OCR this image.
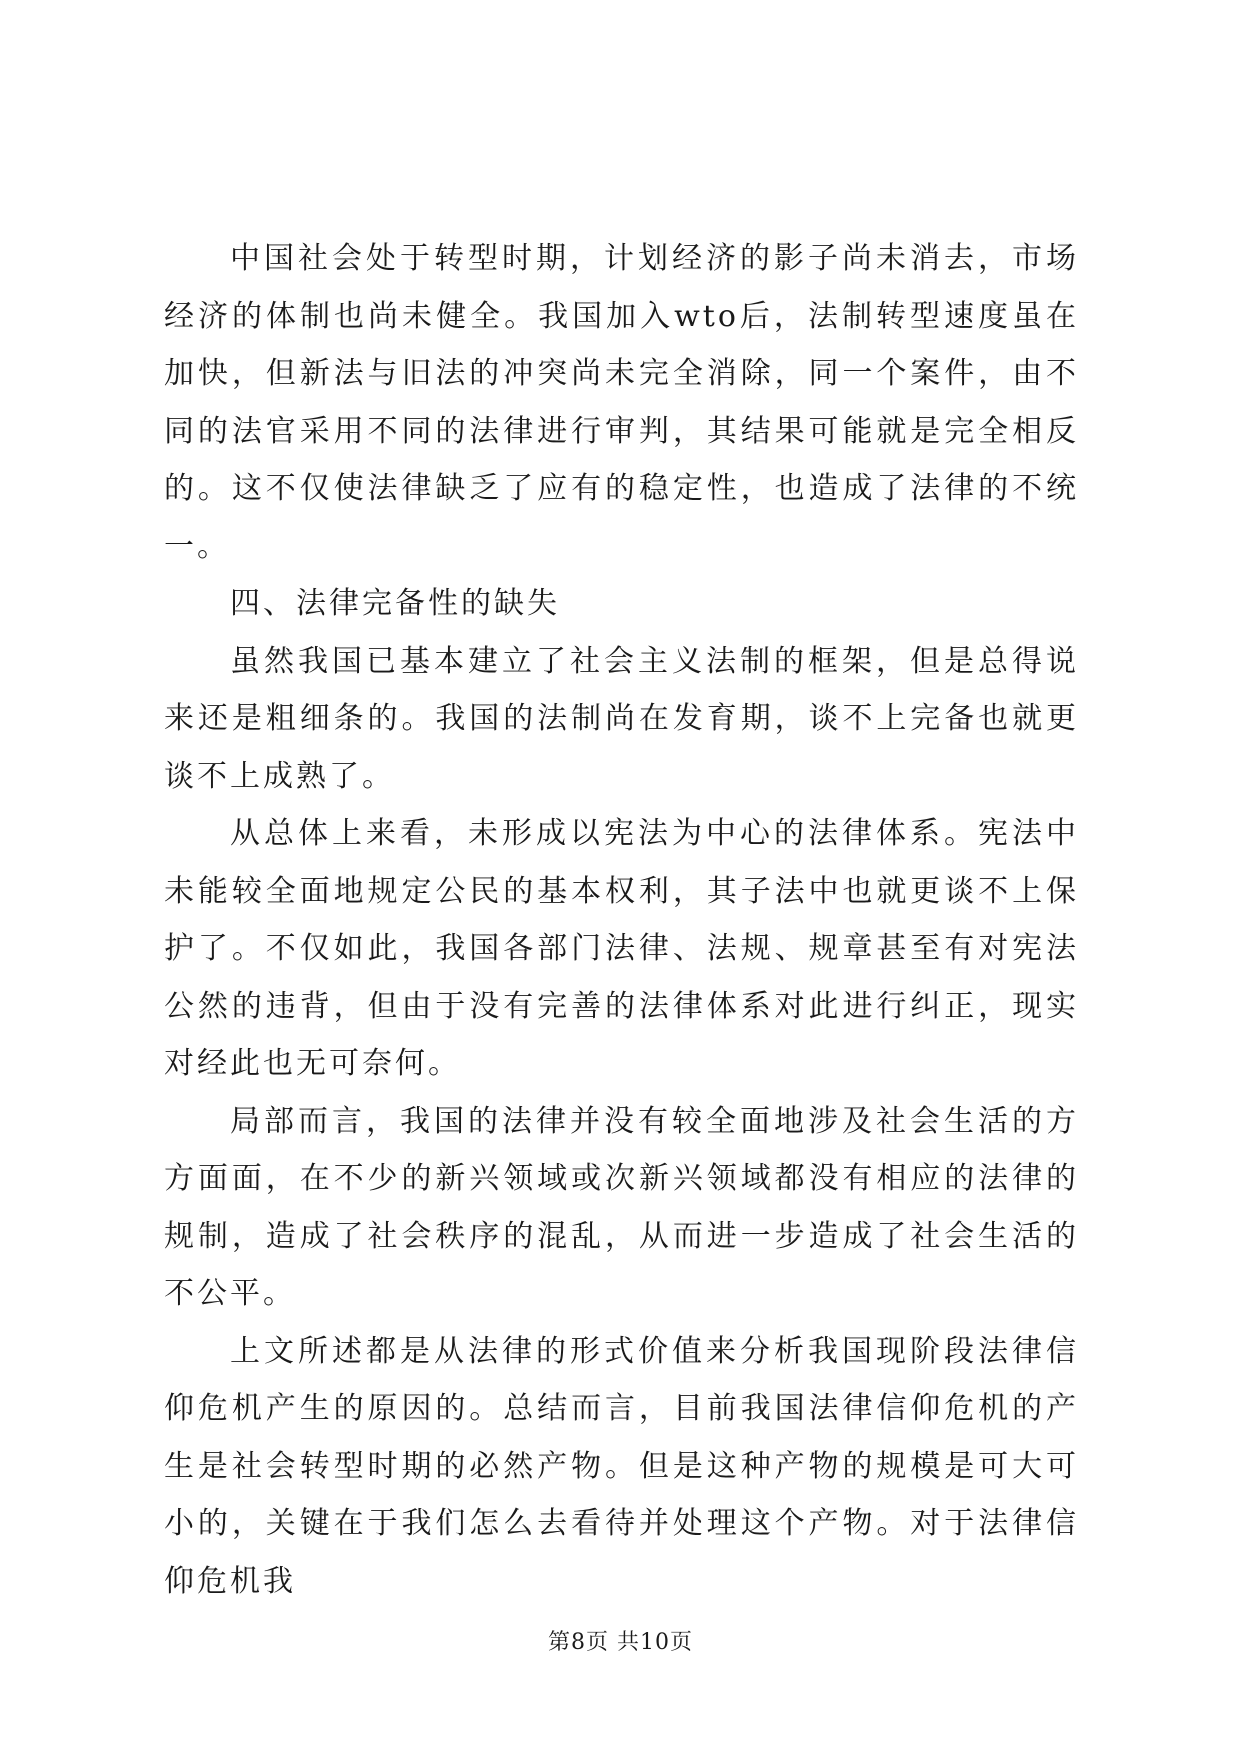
中国社会处于转型时期，计划经济的影子尚未消去，市场经济的体制也尚未健全。我国加入wto后，法制转型速度虽在加快，但新法与旧法的冲突尚未完全消除，同一个案件，由不同的法官采用不同的法律进行审判，其结果可能就是完全相反的。这不仅使法律缺乏了应有的稳定性，也造成了法律的不统一。

四、法律完备性的缺失

虽然我国已基本建立了社会主义法制的框架，但是总得说来还是粗细条的。我国的法制尚在发育期，谈不上完备也就更谈不上成熟了。

从总体上来看，未形成以宪法为中心的法律体系。宪法中未能较全面地规定公民的基本权利，其子法中也就更谈不上保护了。不仅如此，我国各部门法律、法规、规章甚至有对宪法公然的违背，但由于没有完善的法律体系对此进行纠正，现实对经此也无可奈何。

局部而言，我国的法律并没有较全面地涉及社会生活的方方面面，在不少的新兴领域或次新兴领域都没有相应的法律的规制，造成了社会秩序的混乱，从而进一步造成了社会生活的不公平。

上文所述都是从法律的形式价值来分析我国现阶段法律信仰危机产生的原因的。总结而言，目前我国法律信仰危机的产生是社会转型时期的必然产物。但是这种产物的规模是可大可小的，关键在于我们怎么去看待并处理这个产物。对于法律信仰危机我

第8页 共10页
